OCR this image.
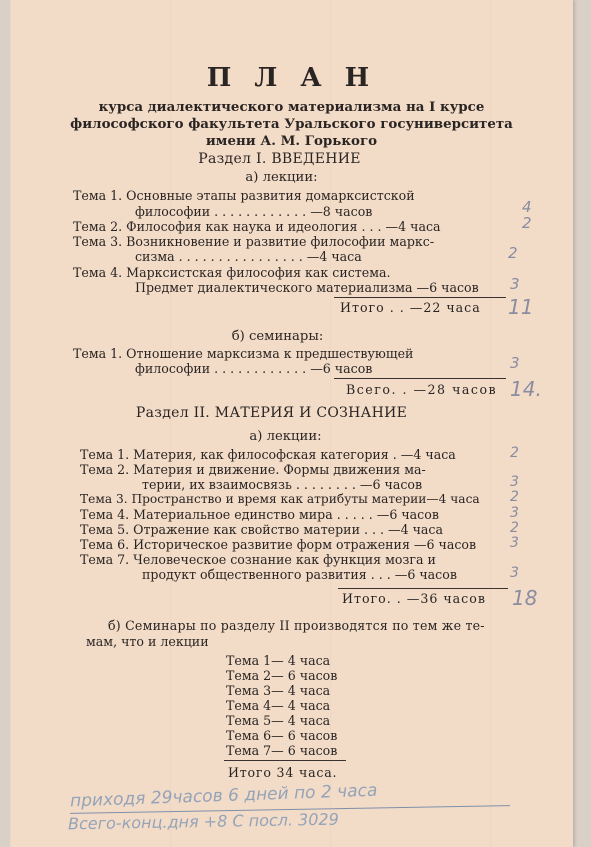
П Л А Н
курса диалектического материализма на I курсе
философского факультета Уральского госуниверситета
имени А. М. Горького
Раздел I. ВВЕДЕНИЕ
а) лекции:
Тема 1. Основные этапы развития домарксистской
философии . . . . . . . . . . . . —8 часов
Тема 2. Философия как наука и идеология . . . —4 часа
Тема 3. Возникновение и развитие философии маркс-
сизма . . . . . . . . . . . . . . . . —4 часа
Тема 4. Марксистская философия как система.
Предмет диалектического материализма —6 часов
4
2
2
3
Итого . . —22 часа 11
б) семинары:
Тема 1. Отношение марксизма к предшествующей
философии . . . . . . . . . . . . —6 часов	3
Всего. . —28 часов 14.
Раздел II. МАТЕРИЯ И СОЗНАНИЕ
а) лекции:
Тема 1. Материя, как философская категория . —4 часа
Тема 2. Материя и движение. Формы движения ма-
терии, их взаимосвязь . . . . . . . . —6 часов
Тема 3. Пространство и время как атрибуты материи—4 часа
Тема 4. Материальное единство мира . . . . . —6 часов
Тема 5. Отражение как свойство материи . . . —4 часа
Тема 6. Историческое развитие форм отражения —6 часов
Тема 7. Человеческое сознание как функция мозга и
продукт общественного развития . . . —6 часов
2
3
2
3
2
3
3
Итого. . —36 часов 18
б) Семинары по разделу II производятся по тем же те-
мам, что и лекции
Тема 1— 4 часа
Тема 2— 6 часов
Тема 3— 4 часа
Тема 4— 4 часа
Тема 5— 4 часа
Тема 6— 6 часов
Тема 7— 6 часов
Итого 34 часа.
приходя 29часов 6 дней по 2 часа
Всего-конц.дня +8 С посл. 3029
